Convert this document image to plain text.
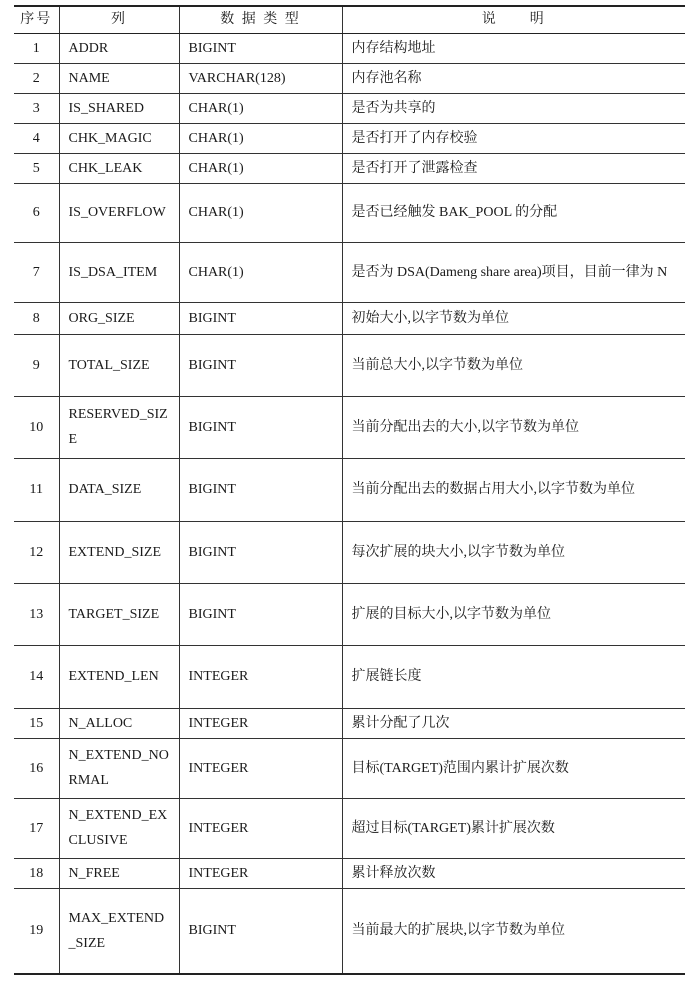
序号	列	数 据 类 型	说　　明
1	ADDR	BIGINT	内存结构地址
2	NAME	VARCHAR(128)	内存池名称
3	IS_SHARED	CHAR(1)	是否为共享的
4	CHK_MAGIC	CHAR(1)	是否打开了内存校验
5	CHK_LEAK	CHAR(1)	是否打开了泄露检查
6	IS_OVERFLOW	CHAR(1)	是否已经触发 BAK_POOL 的分配
7	IS_DSA_ITEM	CHAR(1)	是否为 DSA(Dameng share area)项目，目前一律为 N
8	ORG_SIZE	BIGINT	初始大小,以字节数为单位
9	TOTAL_SIZE	BIGINT	当前总大小,以字节数为单位
10	RESERVED_SIZE	BIGINT	当前分配出去的大小,以字节数为单位
11	DATA_SIZE	BIGINT	当前分配出去的数据占用大小,以字节数为单位
12	EXTEND_SIZE	BIGINT	每次扩展的块大小,以字节数为单位
13	TARGET_SIZE	BIGINT	扩展的目标大小,以字节数为单位
14	EXTEND_LEN	INTEGER	扩展链长度
15	N_ALLOC	INTEGER	累计分配了几次
16	N_EXTEND_NORMAL	INTEGER	目标(TARGET)范围内累计扩展次数
17	N_EXTEND_EXCLUSIVE	INTEGER	超过目标(TARGET)累计扩展次数
18	N_FREE	INTEGER	累计释放次数
19	MAX_EXTEND_SIZE	BIGINT	当前最大的扩展块,以字节数为单位
